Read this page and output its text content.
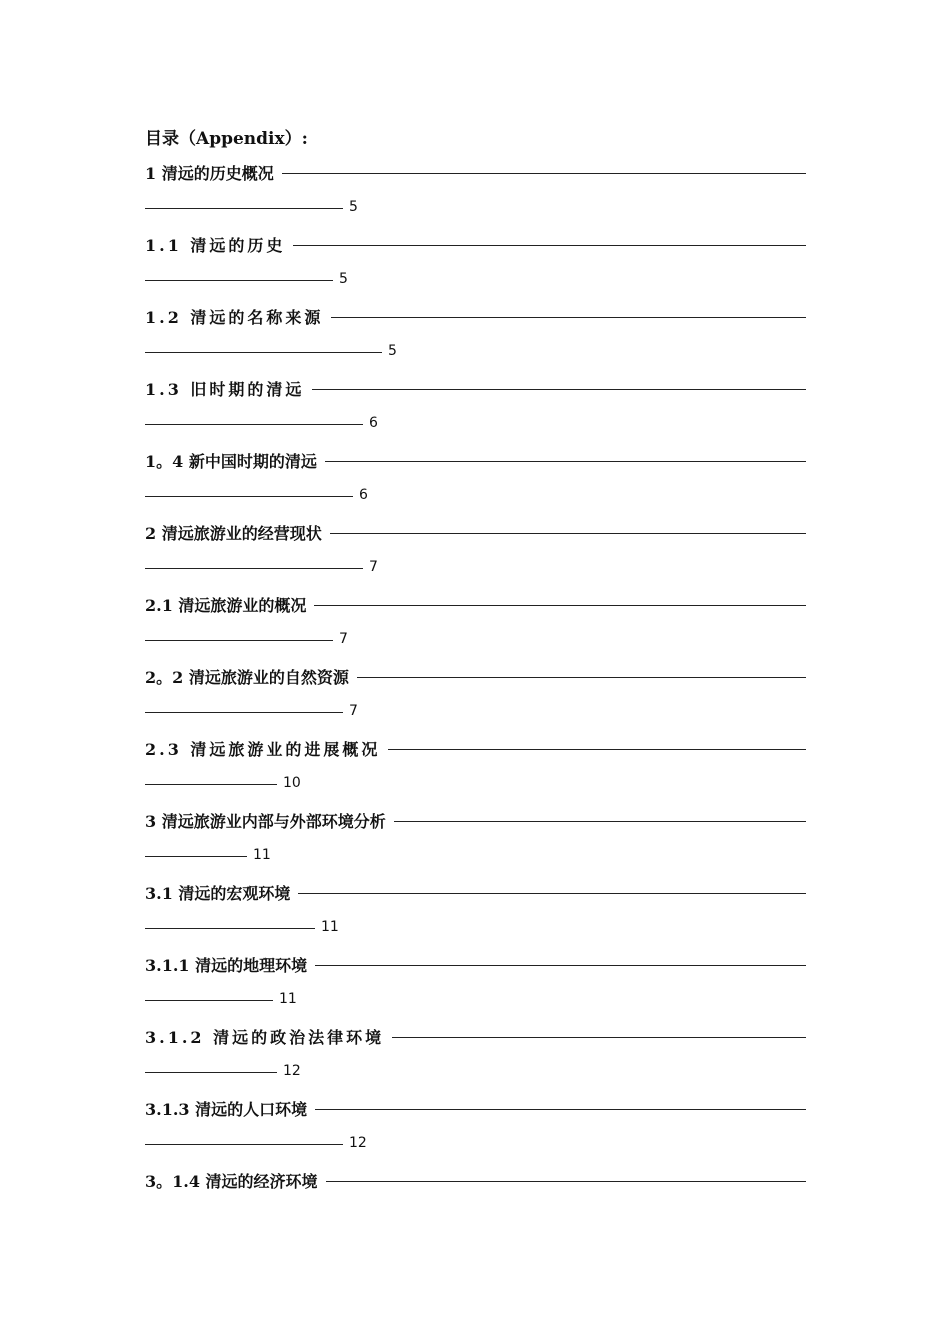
目录（Appendix）:
1 清远的历史概况
5
1.1 清远的历史
5
1.2 清远的名称来源
5
1.3 旧时期的清远
6
1。4 新中国时期的清远
6
2 清远旅游业的经营现状
7
2.1 清远旅游业的概况
7
2。2 清远旅游业的自然资源
7
2.3 清远旅游业的进展概况
10
3 清远旅游业内部与外部环境分析
11
3.1 清远的宏观环境
11
3.1.1 清远的地理环境
11
3.1.2 清远的政治法律环境
12
3.1.3 清远的人口环境
12
3。1.4 清远的经济环境
